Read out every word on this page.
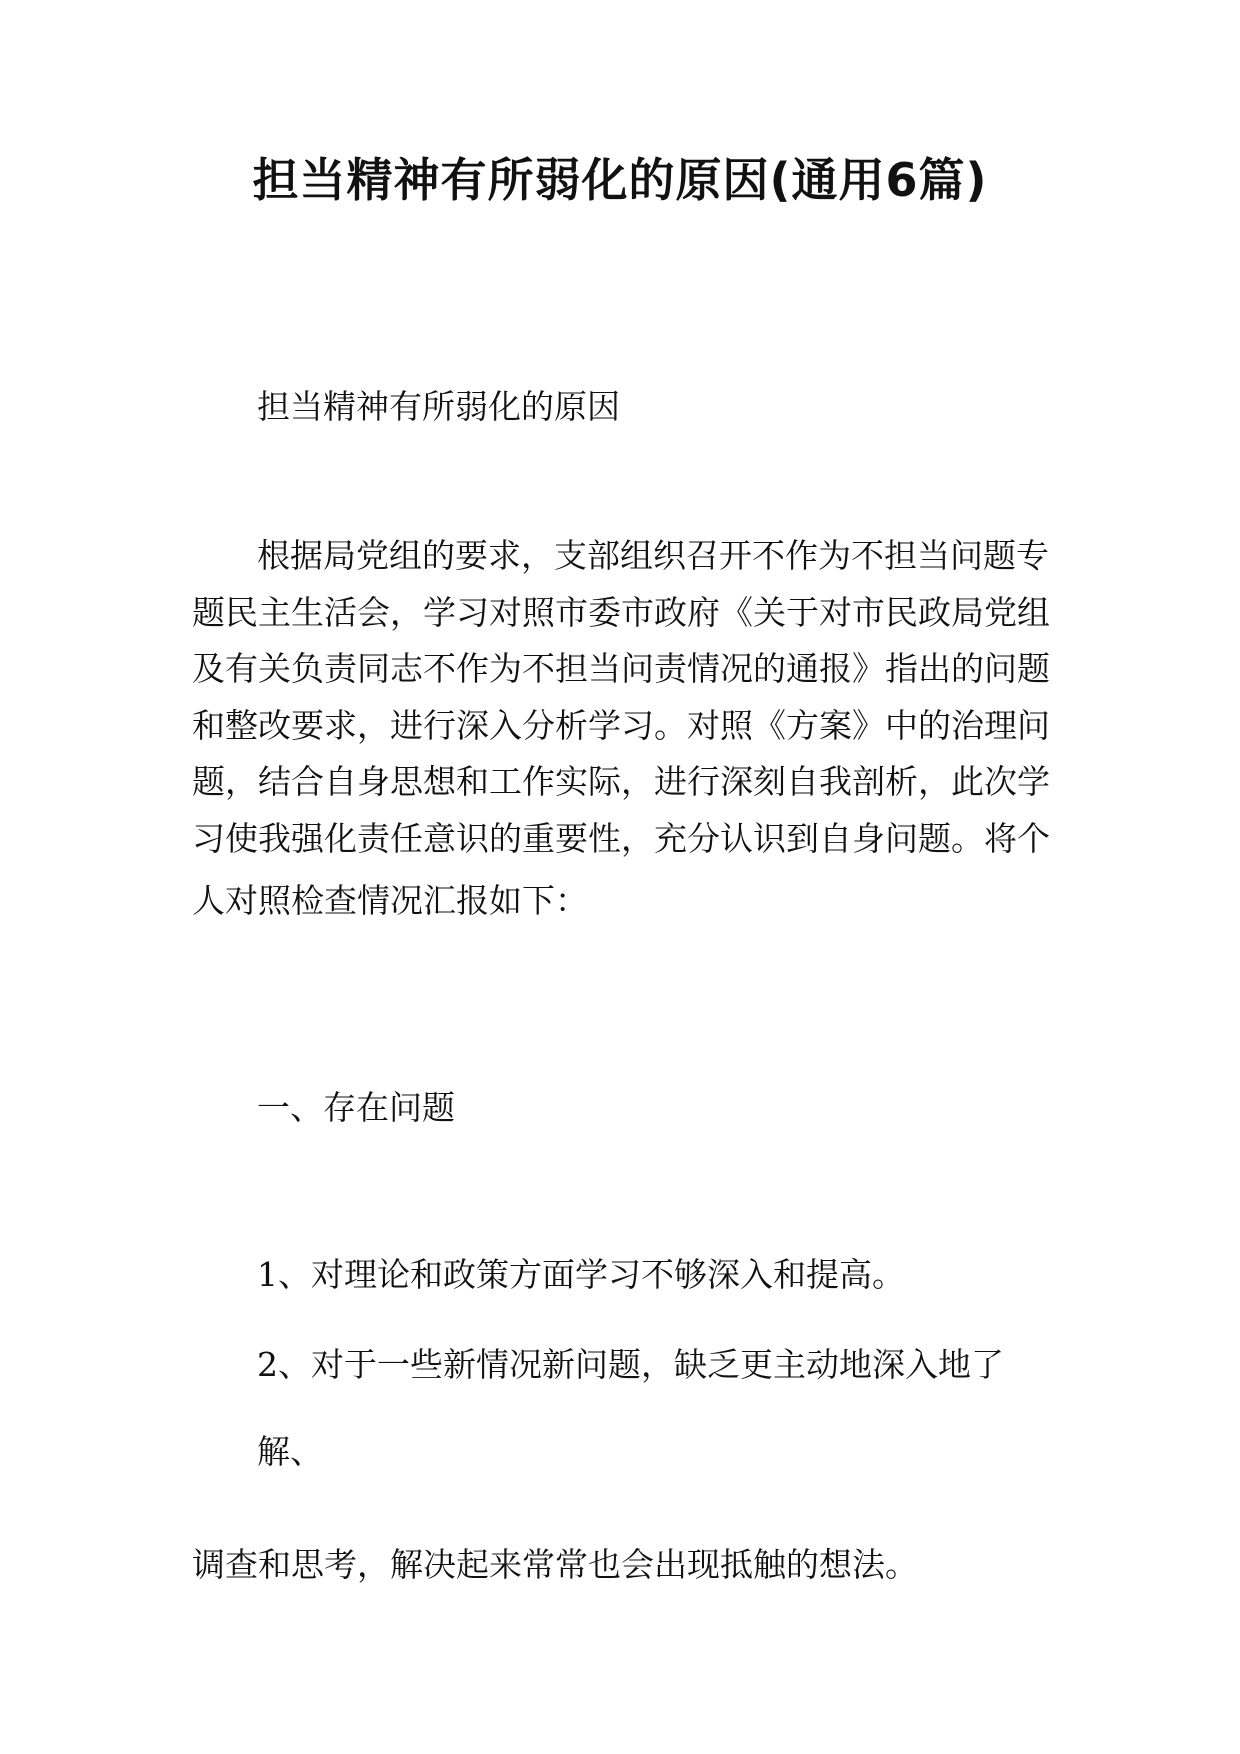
担当精神有所弱化的原因(通用6篇)
担当精神有所弱化的原因
根据局党组的要求，支部组织召开不作为不担当问题专
题民主生活会，学习对照市委市政府《关于对市民政局党组
及有关负责同志不作为不担当问责情况的通报》指出的问题
和整改要求，进行深入分析学习。对照《方案》中的治理问
题，结合自身思想和工作实际，进行深刻自我剖析，此次学
习使我强化责任意识的重要性，充分认识到自身问题。将个
人对照检查情况汇报如下：
一、存在问题
1、对理论和政策方面学习不够深入和提高。
2、对于一些新情况新问题，缺乏更主动地深入地了
解、
调查和思考，解决起来常常也会出现抵触的想法。
